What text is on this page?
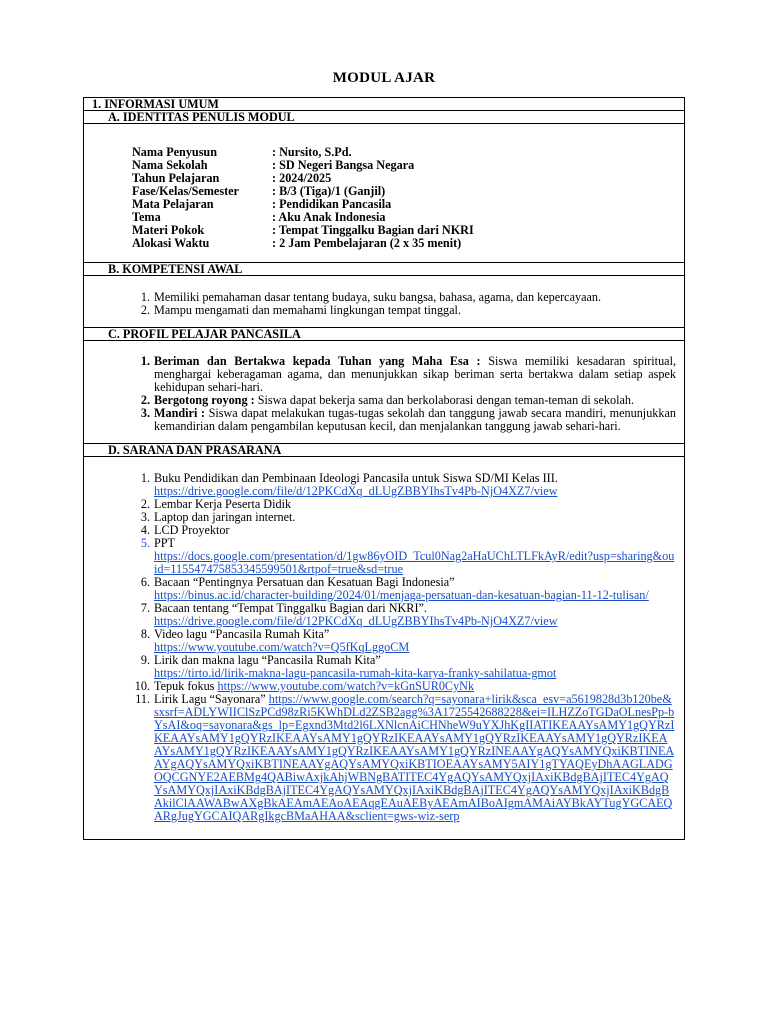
MODUL AJAR
1. INFORMASI UMUM

A. IDENTITAS PENULIS MODUL

Nama Penyusun	: Nursito, S.Pd.
Nama Sekolah	: SD Negeri Bangsa Negara
Tahun Pelajaran	: 2024/2025
Fase/Kelas/Semester	: B/3 (Tiga)/1 (Ganjil)
Mata Pelajaran	: Pendidikan Pancasila
Tema	: Aku Anak Indonesia
Materi Pokok	: Tempat Tinggalku Bagian dari NKRI
Alokasi Waktu	: 2 Jam Pembelajaran (2 x 35 menit)

B. KOMPETENSI AWAL

1. Memiliki pemahaman dasar tentang budaya, suku bangsa, bahasa, agama, dan kepercayaan.
2. Mampu mengamati dan memahami lingkungan tempat tinggal.

C. PROFIL PELAJAR PANCASILA

1. Beriman dan Bertakwa kepada Tuhan yang Maha Esa : Siswa memiliki kesadaran spiritual, menghargai keberagaman agama, dan menunjukkan sikap beriman serta bertakwa dalam setiap aspek kehidupan sehari-hari.
2. Bergotong royong : Siswa dapat bekerja sama dan berkolaborasi dengan teman-teman di sekolah.
3. Mandiri : Siswa dapat melakukan tugas-tugas sekolah dan tanggung jawab secara mandiri, menunjukkan kemandirian dalam pengambilan keputusan kecil, dan menjalankan tanggung jawab sehari-hari.

D. SARANA DAN PRASARANA

1. Buku Pendidikan dan Pembinaan Ideologi Pancasila untuk Siswa SD/MI Kelas III.
https://drive.google.com/file/d/12PKCdXq_dLUgZBBYIhsTv4Pb-NjO4XZ7/view
2. Lembar Kerja Peserta Didik
3. Laptop dan jaringan internet.
4. LCD Proyektor
5. PPT
https://docs.google.com/presentation/d/1gw86yOID_Tcul0Nag2aHaUChLTLFkAyR/edit?usp=sharing&ouid=115547475853345599501&rtpof=true&sd=true
6. Bacaan “Pentingnya Persatuan dan Kesatuan Bagi Indonesia”
https://binus.ac.id/character-building/2024/01/menjaga-persatuan-dan-kesatuan-bagian-11-12-tulisan/
7. Bacaan tentang “Tempat Tinggalku Bagian dari NKRI”.
https://drive.google.com/file/d/12PKCdXq_dLUgZBBYIhsTv4Pb-NjO4XZ7/view
8. Video lagu “Pancasila Rumah Kita”
https://www.youtube.com/watch?v=Q5fKqLggoCM
9. Lirik dan makna lagu “Pancasila Rumah Kita”
https://tirto.id/lirik-makna-lagu-pancasila-rumah-kita-karya-franky-sahilatua-gmot
10. Tepuk fokus https://www.youtube.com/watch?v=kGnSUR0CyNk
11. Lirik Lagu “Sayonara” https://www.google.com/search?q=sayonara+lirik&sca_esv=a5619828d3b120be&sxsrf=ADLYWIIClSzPCd98zRi5KWhDLd2ZSB2agg%3A1725542688228&ei=ILHZZoTGDaOLnesPp-bYsAI&oq=sayonara&gs_lp=Egxnd3Mtd2l6LXNlcnAiCHNheW9uYXJhKgIIATIKEAAYsAMY1gQYRzIKEAAYsAMY1gQYRzIKEAAYsAMY1gQYRzIKEAAYsAMY1gQYRzIKEAAYsAMY1gQYRzIKEAAYsAMY1gQYRzIKEAAYsAMY1gQYRzIKEAAYsAMY1gQYRzINEAAYgAQYsAMYQxiKBTINEAAYgAQYsAMYQxiKBTINEAAYgAQYsAMYQxiKBTIOEAAYsAMY5AIY1gTYAQEyDhAAGLADGOQCGNYE2AEBMg4QABiwAxjkAhjWBNgBATITEC4YgAQYsAMYQxjIAxiKBdgBAjITEC4YgAQYsAMYQxjIAxiKBdgBAjITEC4YgAQYsAMYQxjIAxiKBdgBAjITEC4YgAQYsAMYQxjIAxiKBdgBAkilClAAWABwAXgBkAEAmAEAoAEAqgEAuAEByAEAmAIBoAIgmAMAiAYBkAYTugYGCAEQARgJugYGCAIQARgIkgcBMaAHAA&sclient=gws-wiz-serp
